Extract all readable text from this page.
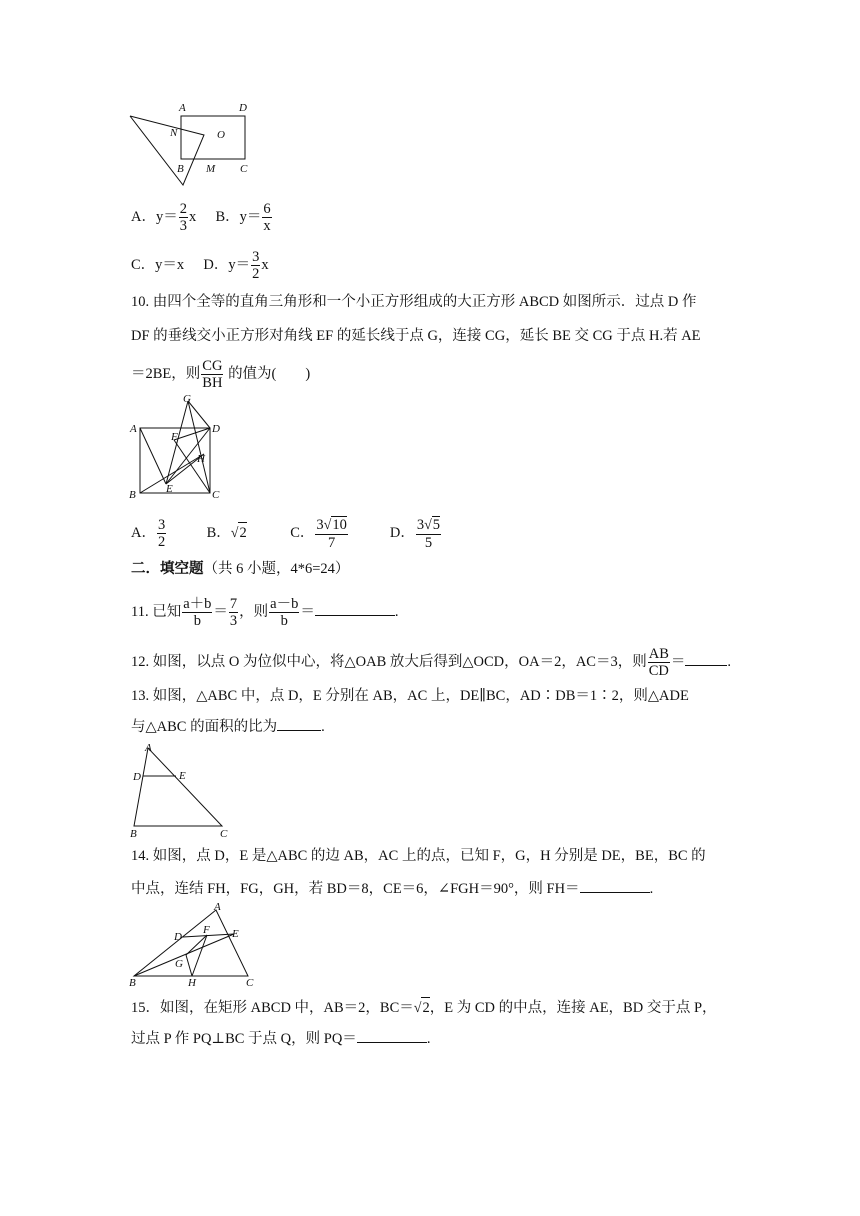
A	D
N	O
B M C
A．$y= \frac{2}{3}$ x B．$y= \frac{6}{x}$
C．y＝x D．$y= \frac{3}{2}$ x
10. 由四个全等的直角三角形和一个小正方形组成的大正方形 ABCD 如图所示．过点 D 作
DF 的垂线交小正方形对角线 EF 的延长线于点 G，连接 CG，延长 BE 交 CG 于点 H.若 AE
＝2BE，则 $\frac{CG}{BH}$ 的值为(　　)
G
A
F
D
H
B	E	C
A． $\frac{3}{2}$	B．√2	C． $\frac{3√10}{7}$	D． $\frac{3√5}{5}$
二．填空题（共 6 小题，4*6=24）
11. 已知 $\frac{a+b}{b} = \frac{7}{3}$ ，则 $\frac{a-b}{b}$ ＝	.
12. 如图，以点 O 为位似中心，将△OAB 放大后得到△OCD，OA＝2，AC＝3，则 $\frac{AB}{CD}$ ＝	.
13. 如图，△ABC 中，点 D，E 分别在 AB，AC 上，DE∥BC，AD∶DB＝1∶2，则△ADE
与△ABC 的面积的比为	.
A
D	E
B	C
14. 如图，点 D，E 是△ABC 的边 AB，AC 上的点，已知 F，G，H 分别是 DE，BE，BC 的
中点，连结 FH，FG，GH，若 BD＝8，CE＝6，∠FGH＝90°，则 FH＝	.
A
D
F E
G
B	H	C
15．如图，在矩形 ABCD 中，AB＝2，BC＝√2，E 为 CD 的中点，连接 AE，BD 交于点 P，
过点 P 作 PQ⊥BC 于点 Q，则 PQ＝	.
